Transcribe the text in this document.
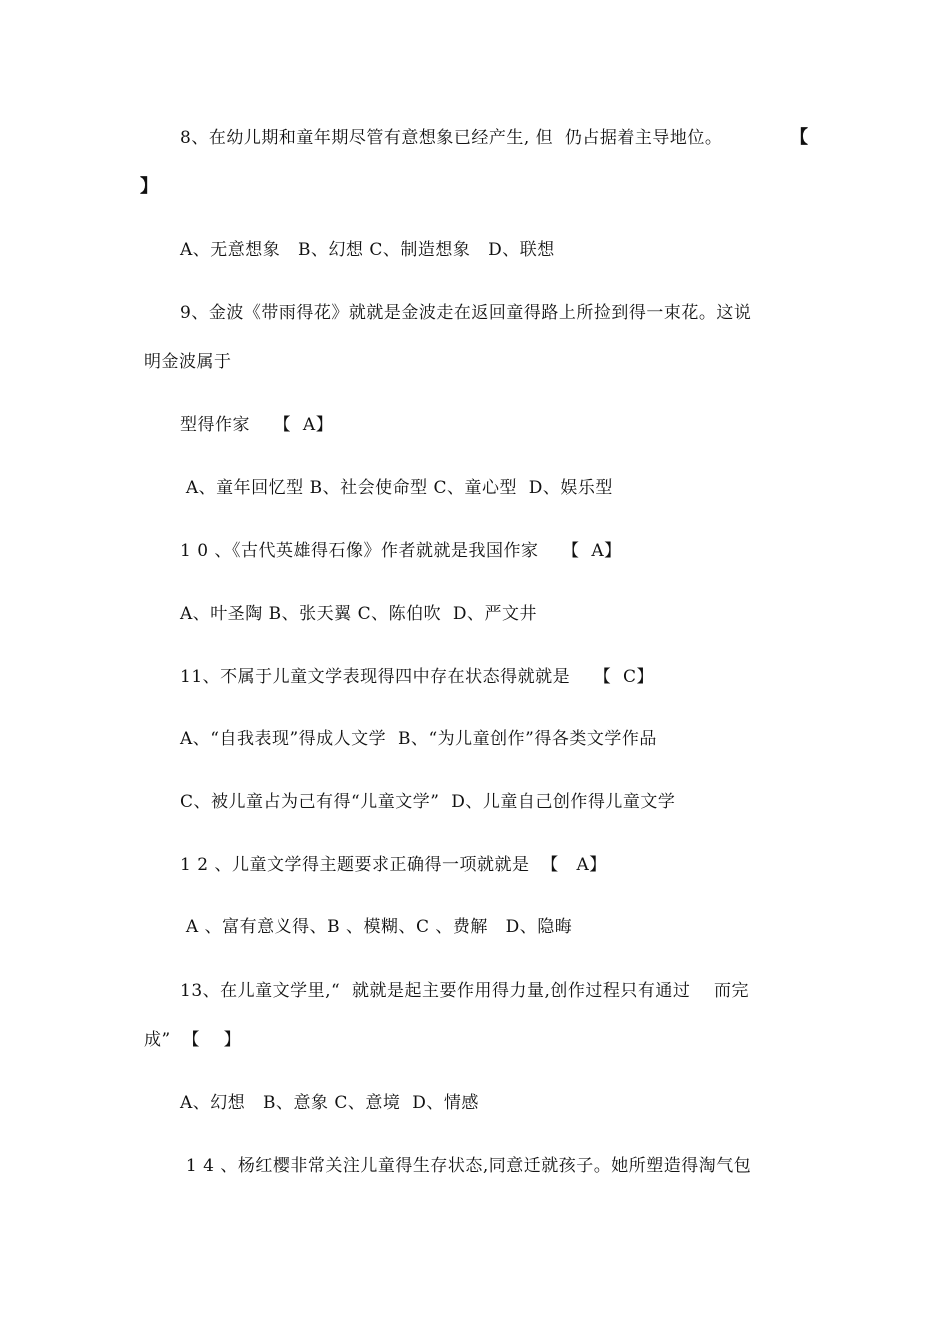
8、在幼儿期和童年期尽管有意想象已经产生, 但  仍占据着主导地位。	【
】
A、无意想象   B、幻想 C、制造想象   D、联想
9、金波《带雨得花》就就是金波走在返回童得路上所捡到得一束花。这说
明金波属于
型得作家    【  A】
A、童年回忆型 B、社会使命型 C、童心型  D、娱乐型
1 0 、《古代英雄得石像》作者就就是我国作家    【  A】
A、叶圣陶 B、张天翼 C、陈伯吹  D、严文井
11、不属于儿童文学表现得四中存在状态得就就是    【  C】
A、“自我表现”得成人文学  B、“为儿童创作”得各类文学作品
C、被儿童占为己有得“儿童文学”  D、儿童自己创作得儿童文学
1 2 、儿童文学得主题要求正确得一项就就是  【   A】
A 、富有意义得、B 、模糊、C 、费解   D、隐晦
13、在儿童文学里,“  就就是起主要作用得力量,创作过程只有通过    而完
成”  【    】
A、幻想   B、意象 C、意境  D、情感
1 4 、杨红樱非常关注儿童得生存状态,同意迁就孩子。她所塑造得淘气包
